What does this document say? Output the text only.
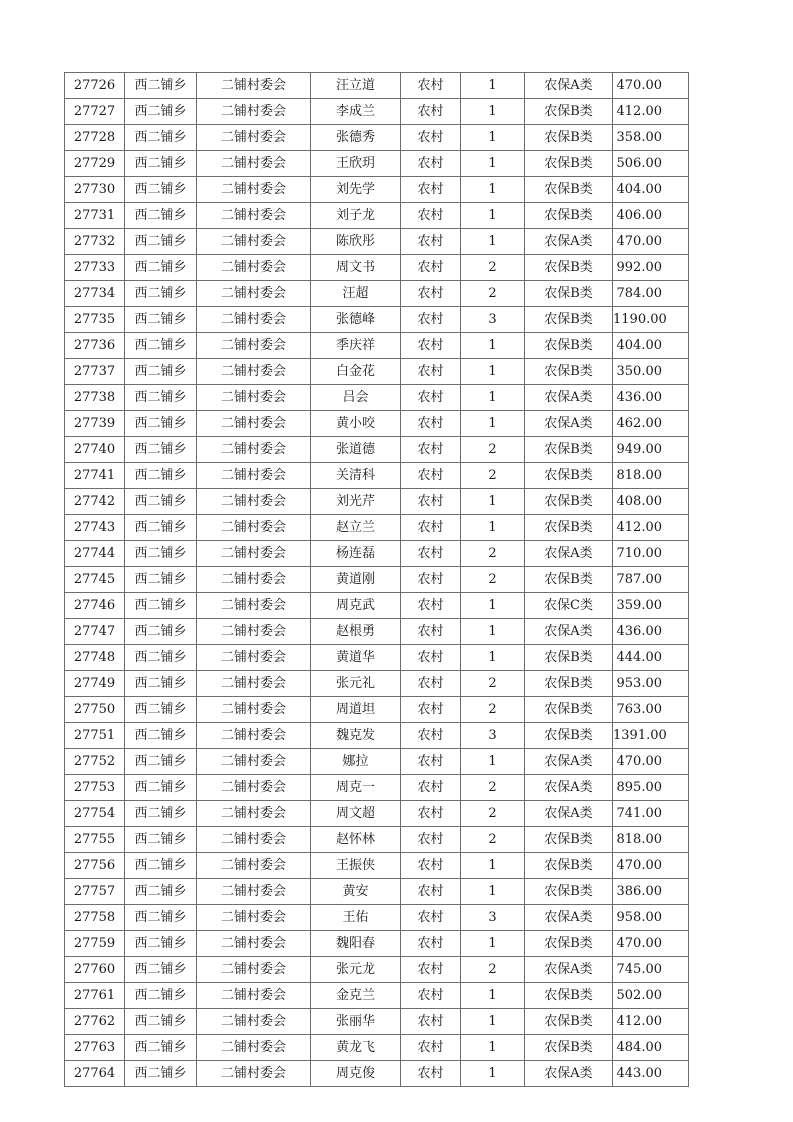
27726	西二铺乡	二铺村委会	汪立道	农村	1	农保A类	470.00
27727	西二铺乡	二铺村委会	李成兰	农村	1	农保B类	412.00
27728	西二铺乡	二铺村委会	张德秀	农村	1	农保B类	358.00
27729	西二铺乡	二铺村委会	王欣玥	农村	1	农保B类	506.00
27730	西二铺乡	二铺村委会	刘先学	农村	1	农保B类	404.00
27731	西二铺乡	二铺村委会	刘子龙	农村	1	农保B类	406.00
27732	西二铺乡	二铺村委会	陈欣彤	农村	1	农保A类	470.00
27733	西二铺乡	二铺村委会	周文书	农村	2	农保B类	992.00
27734	西二铺乡	二铺村委会	汪超	农村	2	农保B类	784.00
27735	西二铺乡	二铺村委会	张德峰	农村	3	农保B类	1190.00
27736	西二铺乡	二铺村委会	季庆祥	农村	1	农保B类	404.00
27737	西二铺乡	二铺村委会	白金花	农村	1	农保B类	350.00
27738	西二铺乡	二铺村委会	吕会	农村	1	农保A类	436.00
27739	西二铺乡	二铺村委会	黄小咬	农村	1	农保A类	462.00
27740	西二铺乡	二铺村委会	张道德	农村	2	农保B类	949.00
27741	西二铺乡	二铺村委会	关清科	农村	2	农保B类	818.00
27742	西二铺乡	二铺村委会	刘光芹	农村	1	农保B类	408.00
27743	西二铺乡	二铺村委会	赵立兰	农村	1	农保B类	412.00
27744	西二铺乡	二铺村委会	杨连磊	农村	2	农保A类	710.00
27745	西二铺乡	二铺村委会	黄道刚	农村	2	农保B类	787.00
27746	西二铺乡	二铺村委会	周克武	农村	1	农保C类	359.00
27747	西二铺乡	二铺村委会	赵根勇	农村	1	农保A类	436.00
27748	西二铺乡	二铺村委会	黄道华	农村	1	农保B类	444.00
27749	西二铺乡	二铺村委会	张元礼	农村	2	农保B类	953.00
27750	西二铺乡	二铺村委会	周道坦	农村	2	农保B类	763.00
27751	西二铺乡	二铺村委会	魏克发	农村	3	农保B类	1391.00
27752	西二铺乡	二铺村委会	娜拉	农村	1	农保A类	470.00
27753	西二铺乡	二铺村委会	周克一	农村	2	农保A类	895.00
27754	西二铺乡	二铺村委会	周文超	农村	2	农保A类	741.00
27755	西二铺乡	二铺村委会	赵怀林	农村	2	农保B类	818.00
27756	西二铺乡	二铺村委会	王振侠	农村	1	农保B类	470.00
27757	西二铺乡	二铺村委会	黄安	农村	1	农保B类	386.00
27758	西二铺乡	二铺村委会	王佑	农村	3	农保A类	958.00
27759	西二铺乡	二铺村委会	魏阳春	农村	1	农保B类	470.00
27760	西二铺乡	二铺村委会	张元龙	农村	2	农保A类	745.00
27761	西二铺乡	二铺村委会	金克兰	农村	1	农保B类	502.00
27762	西二铺乡	二铺村委会	张丽华	农村	1	农保B类	412.00
27763	西二铺乡	二铺村委会	黄龙飞	农村	1	农保B类	484.00
27764	西二铺乡	二铺村委会	周克俊	农村	1	农保A类	443.00
